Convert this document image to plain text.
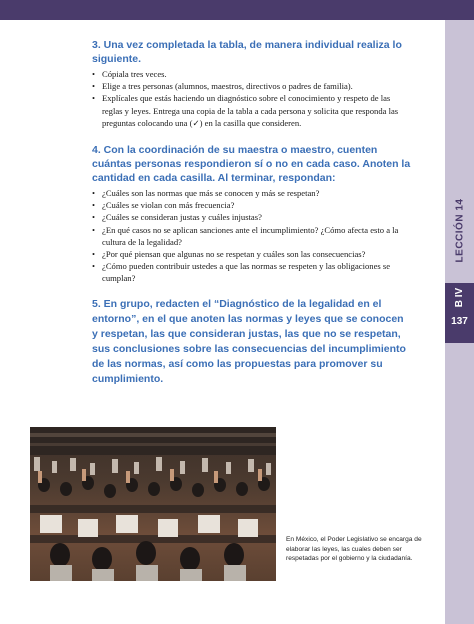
LECCIÓN 14
B IV
137

3. Una vez completada la tabla, de manera individual realiza lo siguiente.

• Cópiala tres veces.
• Elige a tres personas (alumnos, maestros, directivos o padres de familia).
• Explícales que estás haciendo un diagnóstico sobre el conocimiento y respeto de las reglas y leyes. Entrega una copia de la tabla a cada persona y solicita que responda las preguntas colocando una (✓) en la casilla que consideren.

4. Con la coordinación de su maestra o maestro, cuenten cuántas personas respondieron sí o no en cada caso. Anoten la cantidad en cada casilla. Al terminar, respondan:

• ¿Cuáles son las normas que más se conocen y más se respetan?
• ¿Cuáles se violan con más frecuencia?
• ¿Cuáles se consideran justas y cuáles injustas?
• ¿En qué casos no se aplican sanciones ante el incumplimiento? ¿Cómo afecta esto a la cultura de la legalidad?
• ¿Por qué piensan que algunas no se respetan y cuáles son las consecuencias?
• ¿Cómo pueden contribuir ustedes a que las normas se respeten y las obligaciones se cumplan?

5. En grupo, redacten el “Diagnóstico de la legalidad en el entorno”, en el que anoten las normas y leyes que se conocen y respetan, las que consideran justas, las que no se respetan, sus conclusiones sobre las consecuencias del incumplimiento de las normas, así como las propuestas para promover su cumplimiento.

En México, el Poder Legislativo se encarga de elaborar las leyes, las cuales deben ser respetadas por el gobierno y la ciudadanía.
